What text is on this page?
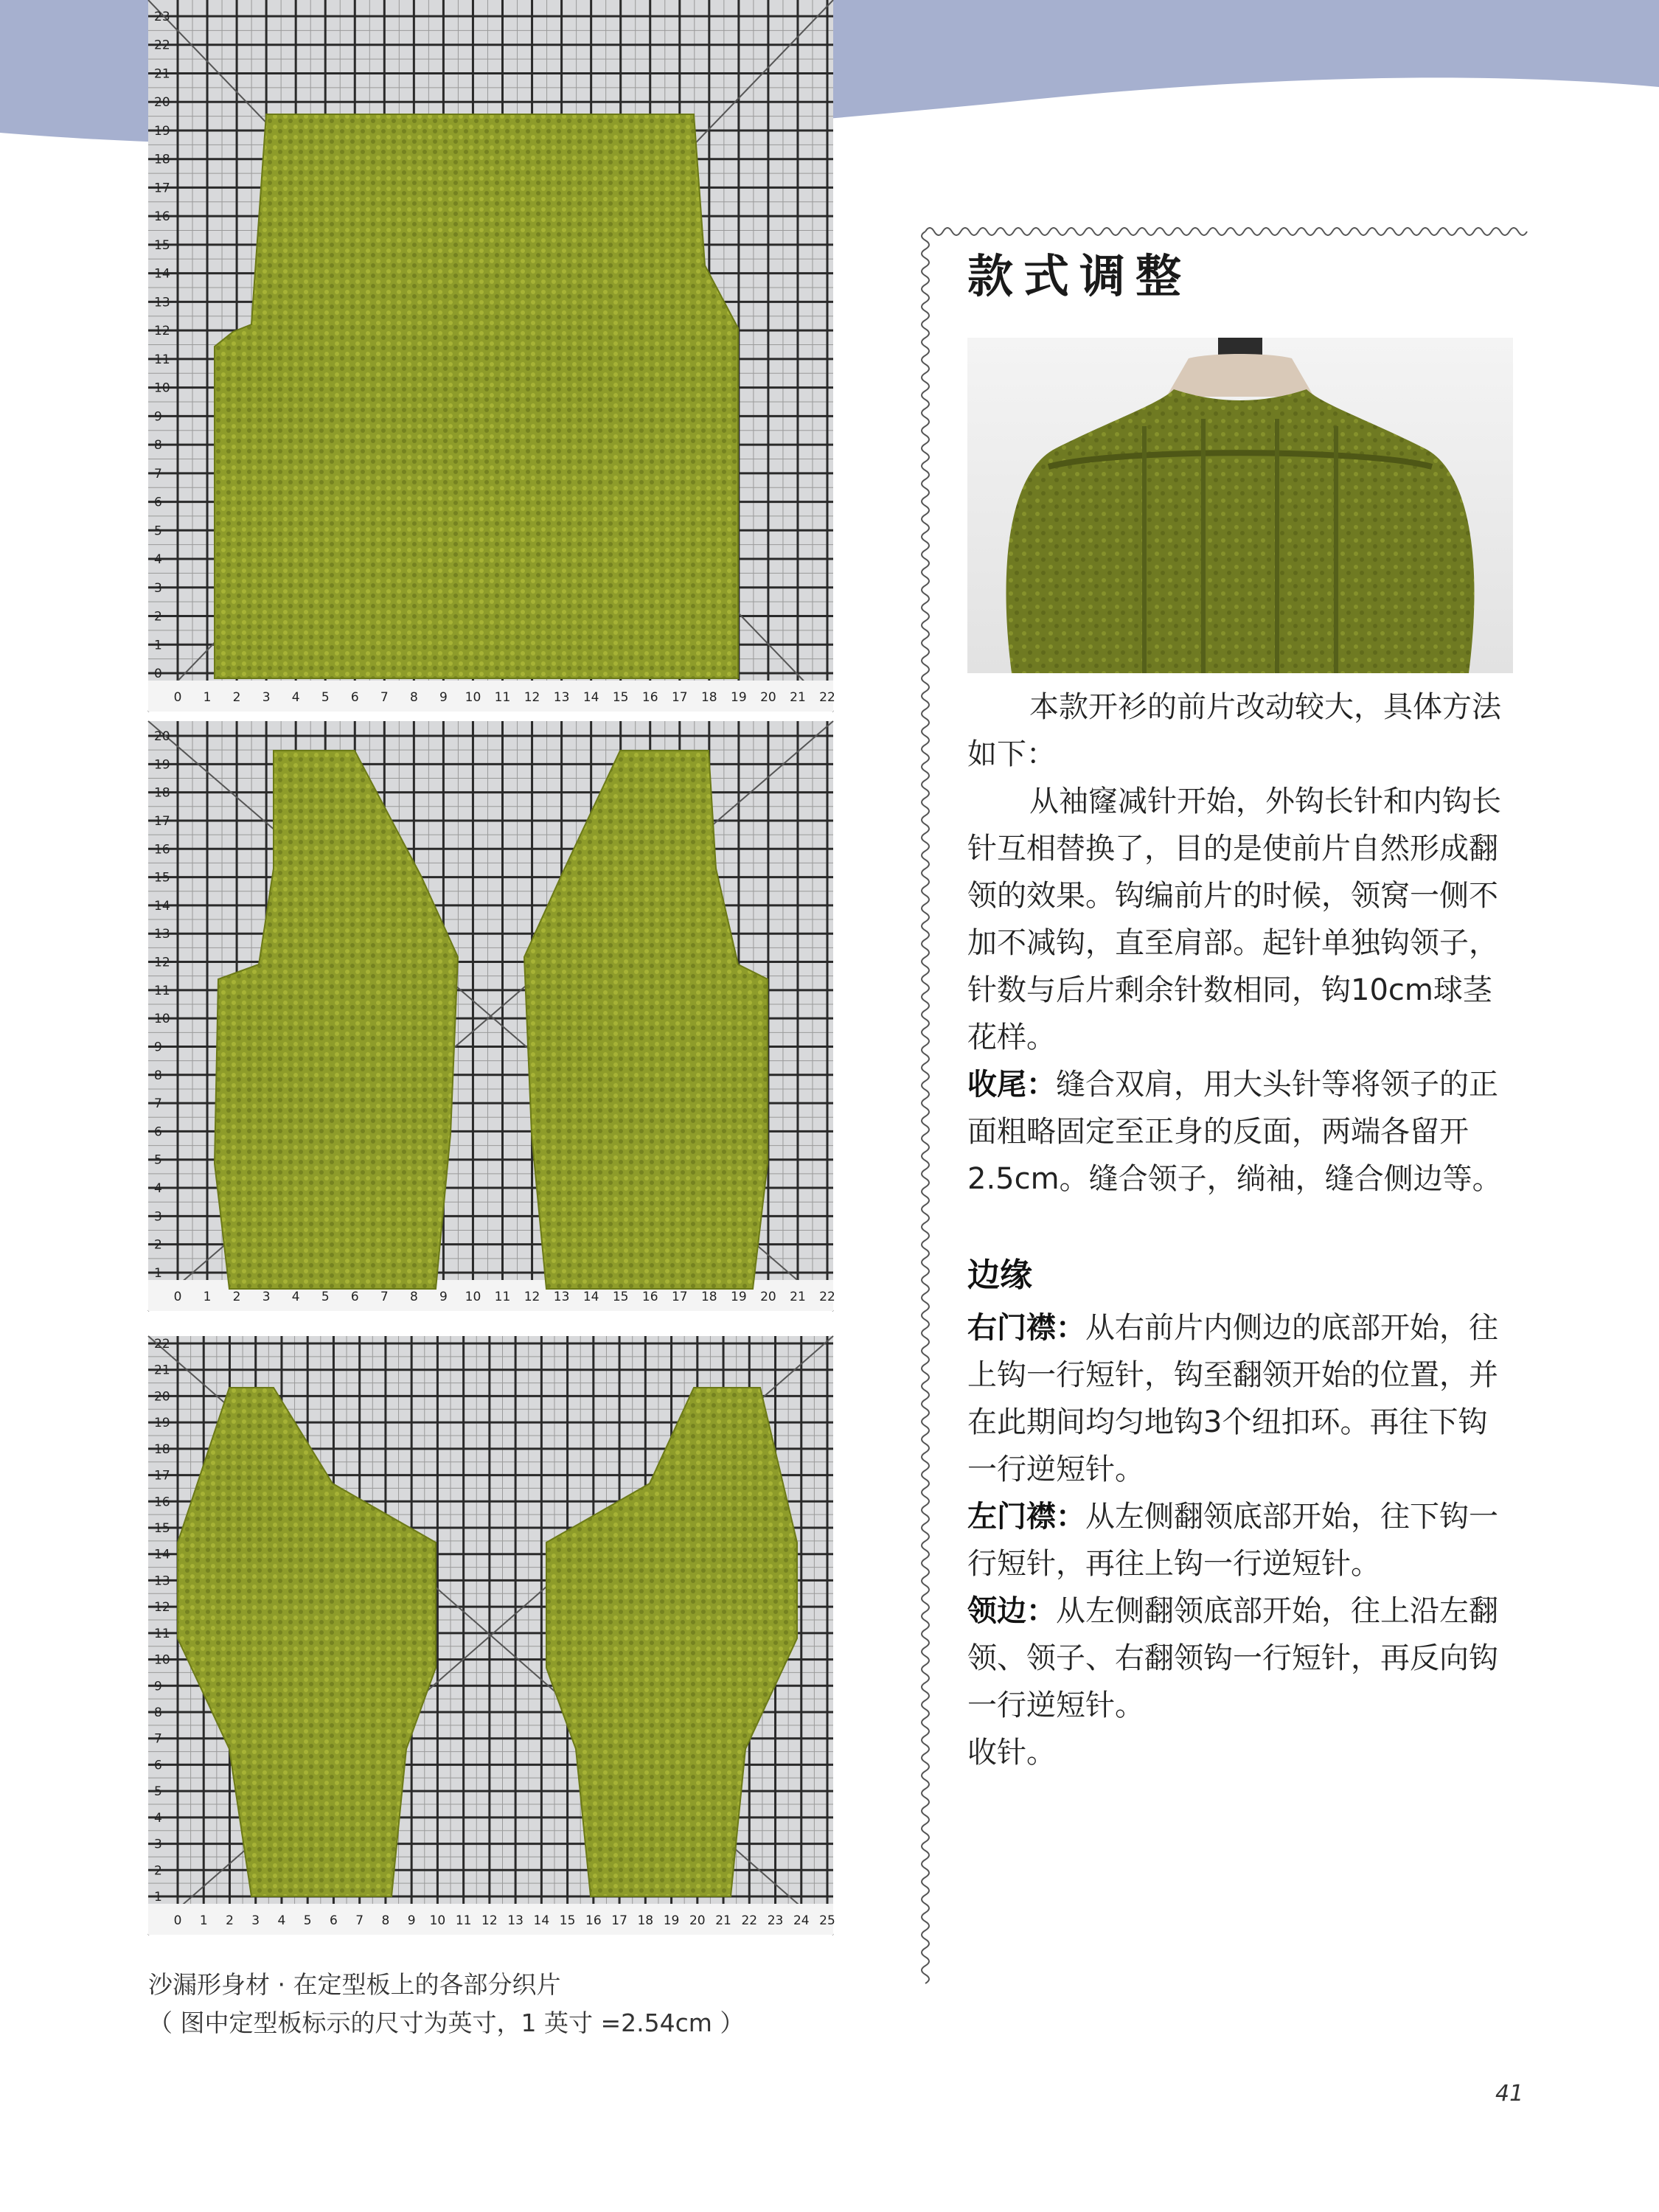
0 1 2 3 4 5 6 7 8 9 10 11 12 13 14 15 16 17 18 19 20 21 22
23
22
21
20
19
18
17
16
15
14
13
12
11
10
9
8
7
6
5
4
3
2
1
0
0 1 2 3 4 5 6 7 8 9 10 11 12 13 14 15 16 17 18 19 20 21 22
20
19
18
17
16
15
14
13
12
11
10
9
8
7
6
5
4
3
2
1
0 1 2 3 4 5 6 7 8 9 10 11 12 13 14 15 16 17 18 19 20 21 22 23 24 25
22
21
20
19
18
17
16
15
14
13
12
11
10
9
8
7
6
5
4
3
2
1
沙漏形身材 · 在定型板上的各部分织片
（ 图中定型板标示的尺寸为英寸，1 英寸 =2.54cm ）
款式调整

本款开衫的前片改动较大，具体方法如下：

从袖窿减针开始，外钩长针和内钩长针互相替换了，目的是使前片自然形成翻领的效果。钩编前片的时候，领窝一侧不加不减钩，直至肩部。起针单独钩领子，针数与后片剩余针数相同，钩10cm球茎花样。

收尾：缝合双肩，用大头针等将领子的正面粗略固定至正身的反面，两端各留开2.5cm。缝合领子，绱袖，缝合侧边等。

边缘

右门襟：从右前片内侧边的底部开始，往上钩一行短针，钩至翻领开始的位置，并在此期间均匀地钩3个纽扣环。再往下钩一行逆短针。

左门襟：从左侧翻领底部开始，往下钩一行短针，再往上钩一行逆短针。

领边：从左侧翻领底部开始，往上沿左翻领、领子、右翻领钩一行短针，再反向钩一行逆短针。

收针。

41
